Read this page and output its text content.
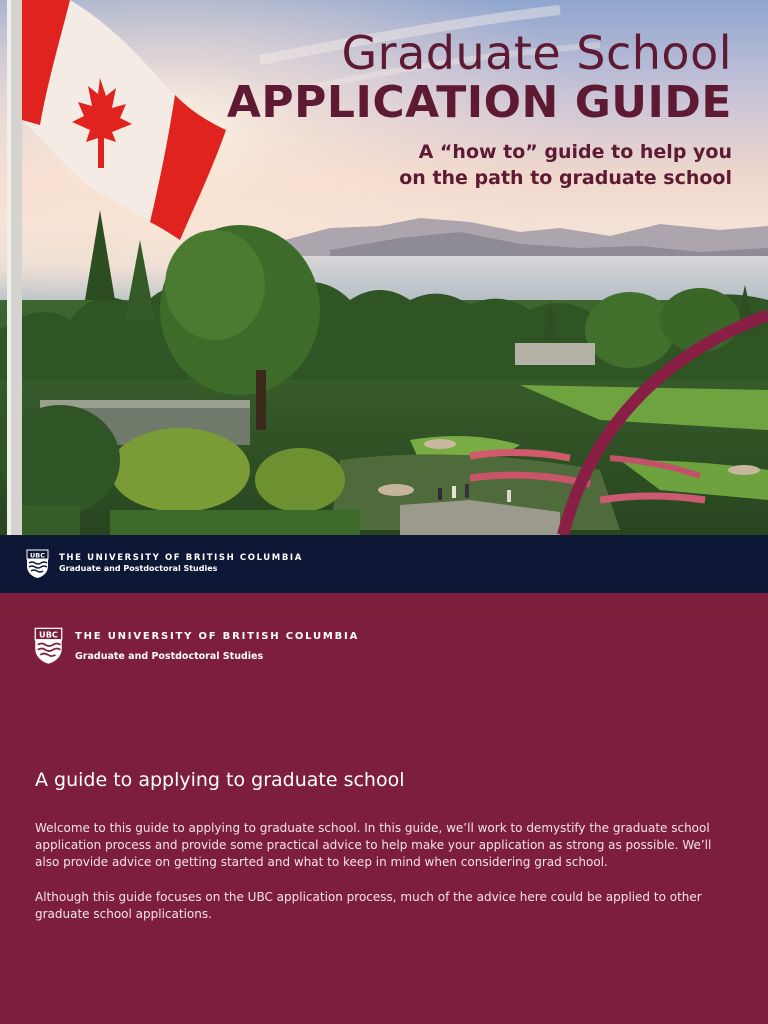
Graduate School
APPLICATION GUIDE
A “how to” guide to help you
on the path to graduate school
UBC THE UNIVERSITY OF BRITISH COLUMBIA
Graduate and Postdoctoral Studies
UBC THE UNIVERSITY OF BRITISH COLUMBIA
Graduate and Postdoctoral Studies
A guide to applying to graduate school

Welcome to this guide to applying to graduate school. In this guide, we’ll work to demystify the graduate school application process and provide some practical advice to help make your application as strong as possible. We’ll also provide advice on getting started and what to keep in mind when considering grad school.

Although this guide focuses on the UBC application process, much of the advice here could be applied to other graduate school applications.
